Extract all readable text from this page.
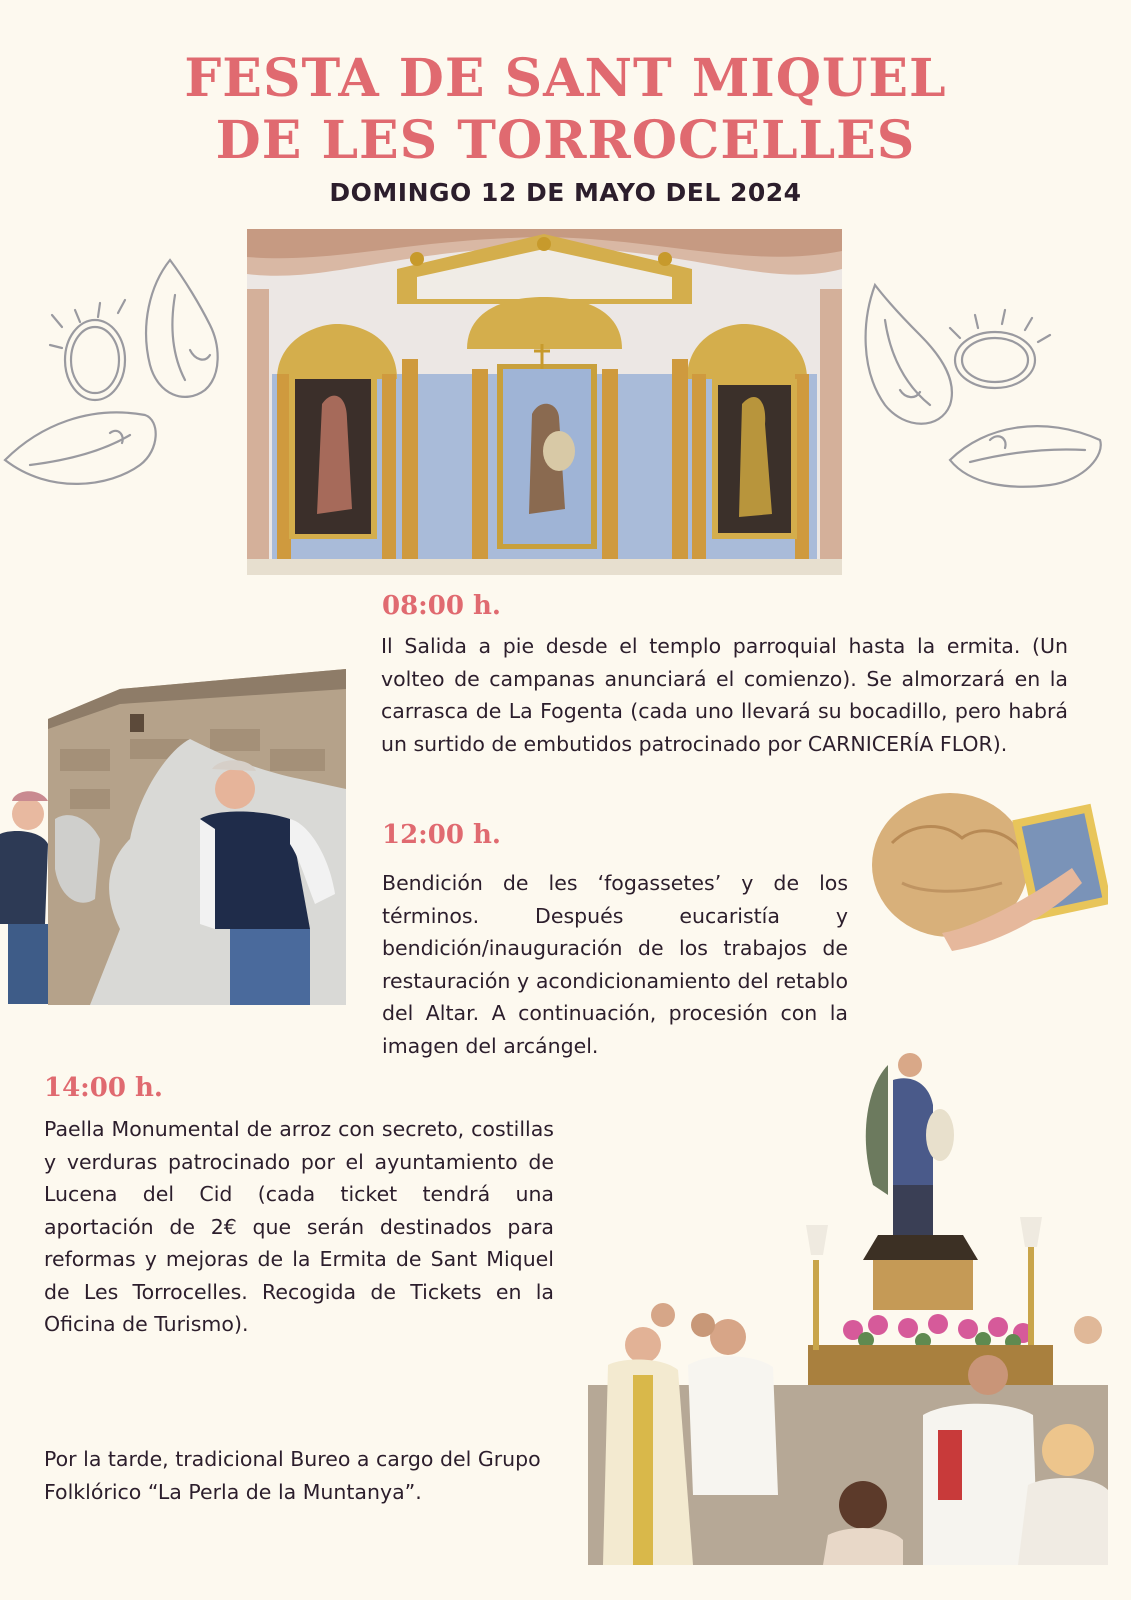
FESTA DE SANT MIQUEL
DE LES TORROCELLES
DOMINGO 12 DE MAYO DEL 2024
08:00 h.
Il Salida a pie desde el templo parroquial hasta la ermita. (Un volteo de campanas anunciará el comienzo). Se almorzará en la carrasca de La Fogenta (cada uno llevará su bocadillo, pero habrá un surtido de embutidos patrocinado por CARNICERÍA FLOR).
12:00 h.
Bendición de les ‘fogassetes’ y de los términos. Después eucaristía y bendición/inauguración de los trabajos de restauración y acondicionamiento del retablo del Altar. A continuación, procesión con la imagen del arcángel.
14:00 h.
Paella Monumental de arroz con secreto, costillas y verduras patrocinado por el ayuntamiento de Lucena del Cid (cada ticket tendrá una aportación de 2€ que serán destinados para reformas y mejoras de la Ermita de Sant Miquel de Les Torrocelles. Recogida de Tickets en la Oficina de Turismo).
Por la tarde, tradicional Bureo a cargo del Grupo Folklórico “La Perla de la Muntanya”.
